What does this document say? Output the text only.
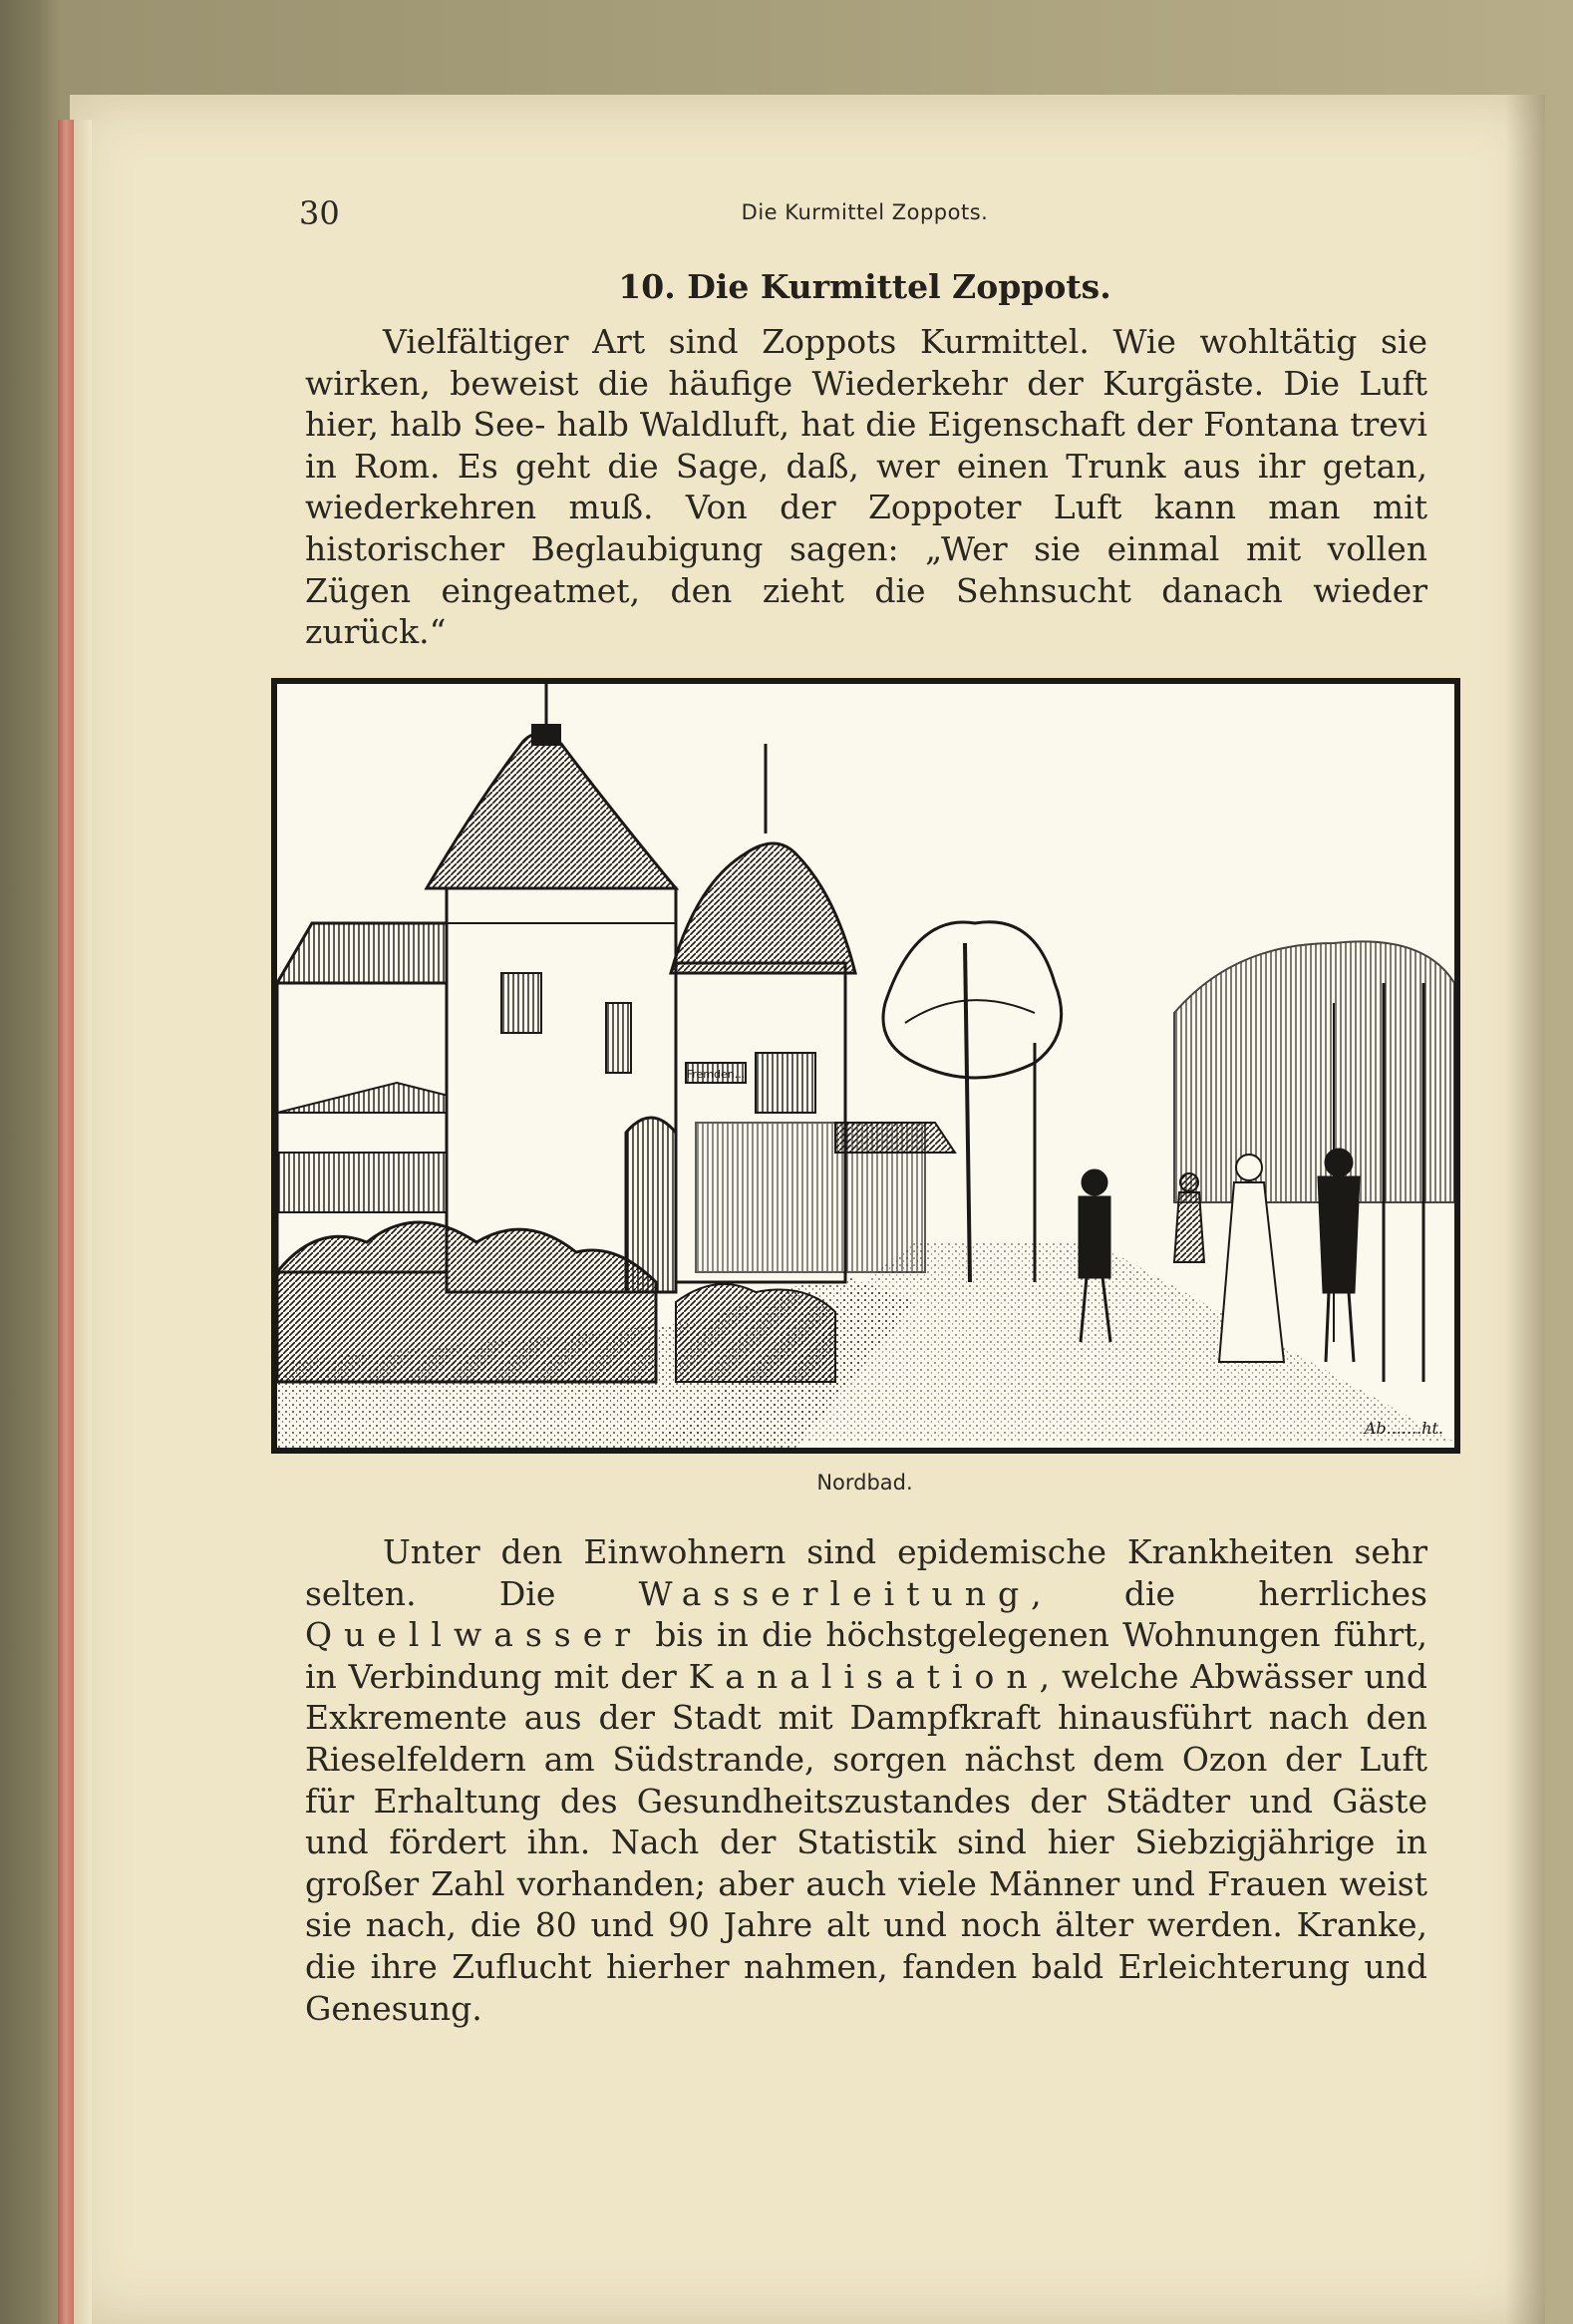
30	Die Kurmittel Zoppots.
10. Die Kurmittel Zoppots.

Vielfältiger Art sind Zoppots Kurmittel. Wie wohltätig sie wirken, beweist die häufige Wiederkehr der Kurgäste. Die Luft hier, halb See- halb Waldluft, hat die Eigenschaft der Fontana trevi in Rom. Es geht die Sage, daß, wer einen Trunk aus ihr getan, wiederkehren muß. Von der Zoppoter Luft kann man mit historischer Beglaubigung sagen: „Wer sie einmal mit vollen Zügen eingeatmet, den zieht die Sehnsucht danach wieder zurück.“

Fremden...
Ab.......ht.
Nordbad.

Unter den Einwohnern sind epidemische Krankheiten sehr selten. Die Wasserleitung, die herrliches Quellwasser bis in die höchstgelegenen Wohnungen führt, in Verbindung mit der Kanalisation, welche Abwässer und Exkremente aus der Stadt mit Dampfkraft hinausführt nach den Rieselfeldern am Südstrande, sorgen nächst dem Ozon der Luft für Erhaltung des Gesundheitszustandes der Städter und Gäste und fördert ihn. Nach der Statistik sind hier Siebzigjährige in großer Zahl vorhanden; aber auch viele Männer und Frauen weist sie nach, die 80 und 90 Jahre alt und noch älter werden. Kranke, die ihre Zuflucht hierher nahmen, fanden bald Erleichterung und Genesung.
